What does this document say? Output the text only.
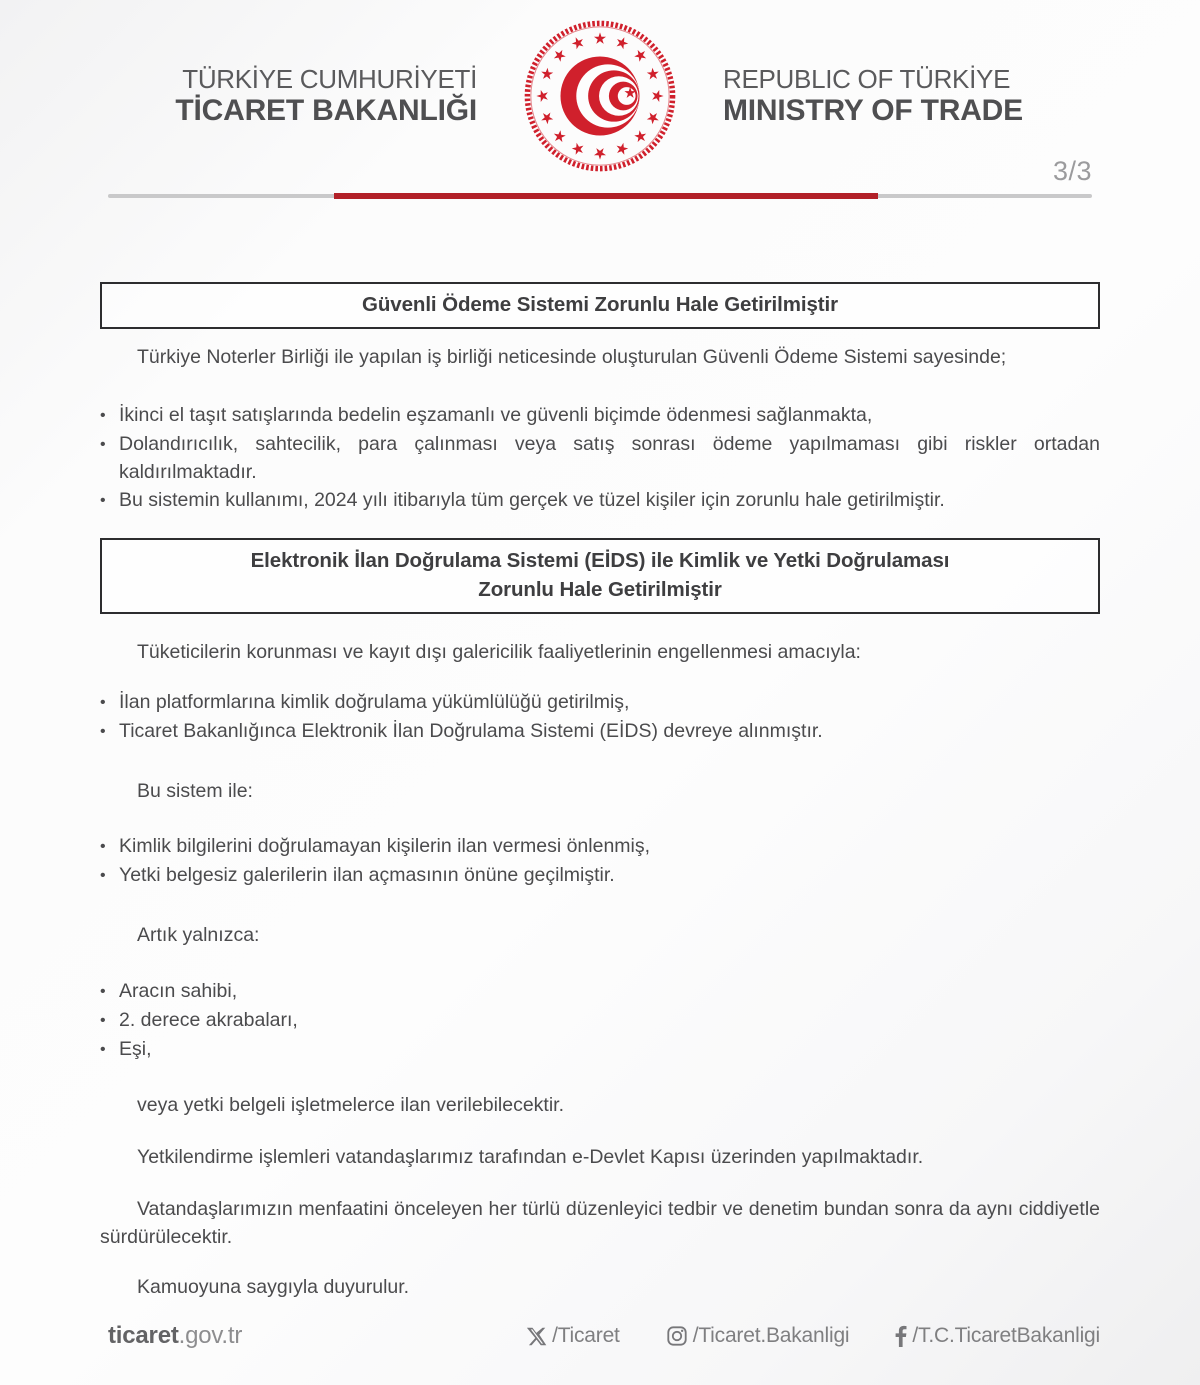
TÜRKİYE CUMHURİYETİ
TİCARET BAKANLIĞI
REPUBLIC OF TÜRKİYE
MINISTRY OF TRADE
3/3
Güvenli Ödeme Sistemi Zorunlu Hale Getirilmiştir

Türkiye Noterler Birliği ile yapılan iş birliği neticesinde oluşturulan Güvenli Ödeme Sistemi sayesinde;

• İkinci el taşıt satışlarında bedelin eşzamanlı ve güvenli biçimde ödenmesi sağlanmakta,
• Dolandırıcılık, sahtecilik, para çalınması veya satış sonrası ödeme yapılmaması gibi riskler ortadan kaldırılmaktadır.
• Bu sistemin kullanımı, 2024 yılı itibarıyla tüm gerçek ve tüzel kişiler için zorunlu hale getirilmiştir.
Elektronik İlan Doğrulama Sistemi (EİDS) ile Kimlik ve Yetki Doğrulaması
Zorunlu Hale Getirilmiştir

Tüketicilerin korunması ve kayıt dışı galericilik faaliyetlerinin engellenmesi amacıyla:

• İlan platformlarına kimlik doğrulama yükümlülüğü getirilmiş,
• Ticaret Bakanlığınca Elektronik İlan Doğrulama Sistemi (EİDS) devreye alınmıştır.

Bu sistem ile:

• Kimlik bilgilerini doğrulamayan kişilerin ilan vermesi önlenmiş,
• Yetki belgesiz galerilerin ilan açmasının önüne geçilmiştir.

Artık yalnızca:

• Aracın sahibi,
• 2. derece akrabaları,
• Eşi,

veya yetki belgeli işletmelerce ilan verilebilecektir.

Yetkilendirme işlemleri vatandaşlarımız tarafından e-Devlet Kapısı üzerinden yapılmaktadır.

Vatandaşlarımızın menfaatini önceleyen her türlü düzenleyici tedbir ve denetim bundan sonra da aynı ciddiyetle sürdürülecektir.

Kamuoyuna saygıyla duyurulur.

ticaret.gov.tr	/Ticaret	/Ticaret.Bakanligi	/T.C.TicaretBakanligi
